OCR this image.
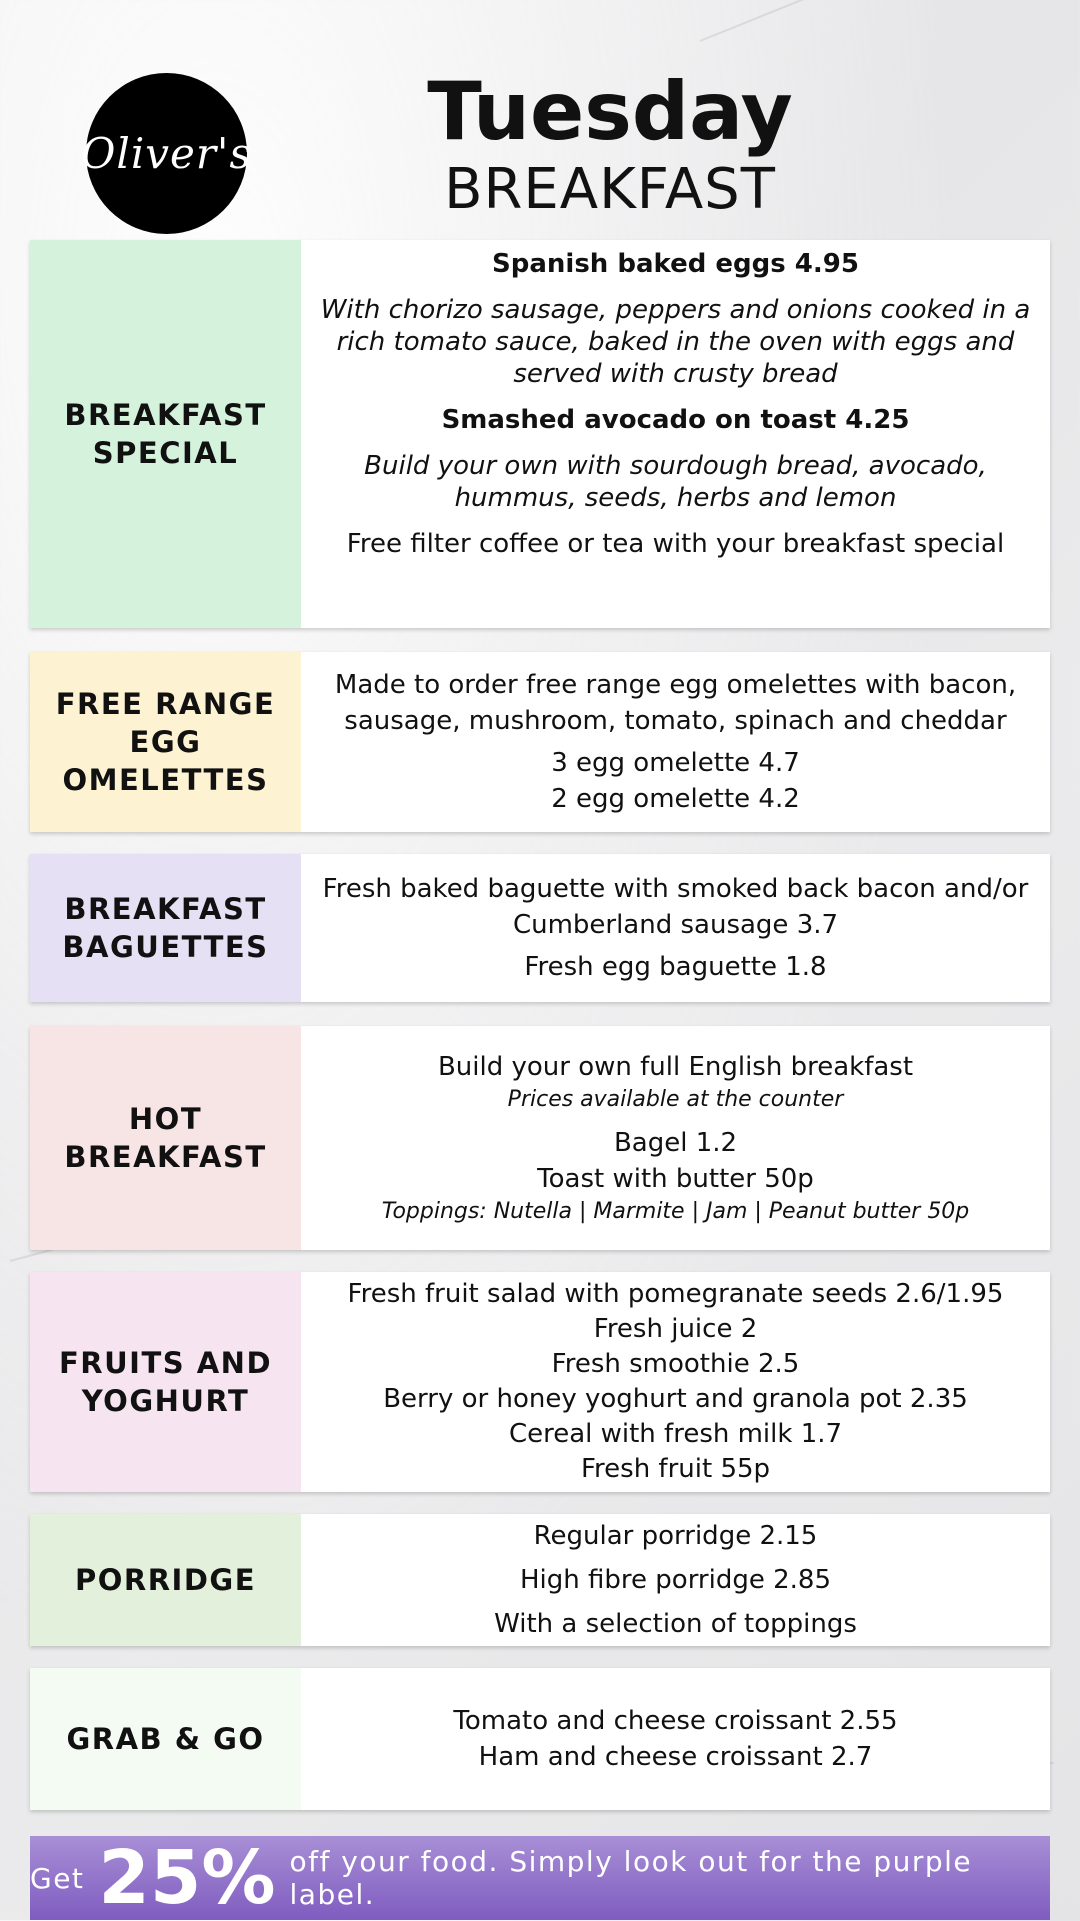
Oliver's	Tuesday
BREAKFAST
BREAKFAST SPECIAL
Spanish baked eggs 4.95
With chorizo sausage, peppers and onions cooked in a rich tomato sauce, baked in the oven with eggs and served with crusty bread
Smashed avocado on toast 4.25
Build your own with sourdough bread, avocado, hummus, seeds, herbs and lemon
Free filter coffee or tea with your breakfast special
FREE RANGE EGG OMELETTES
Made to order free range egg omelettes with bacon, sausage, mushroom, tomato, spinach and cheddar
3 egg omelette 4.7
2 egg omelette 4.2
BREAKFAST BAGUETTES
Fresh baked baguette with smoked back bacon and/or Cumberland sausage 3.7
Fresh egg baguette 1.8
HOT BREAKFAST
Build your own full English breakfast
Prices available at the counter
Bagel 1.2
Toast with butter 50p
Toppings: Nutella | Marmite | Jam | Peanut butter 50p
FRUITS AND YOGHURT
Fresh fruit salad with pomegranate seeds 2.6/1.95
Fresh juice 2
Fresh smoothie 2.5
Berry or honey yoghurt and granola pot 2.35
Cereal with fresh milk 1.7
Fresh fruit 55p
PORRIDGE
Regular porridge 2.15
High fibre porridge 2.85
With a selection of toppings
GRAB & GO
Tomato and cheese croissant 2.55
Ham and cheese croissant 2.7
Get 25% off your food. Simply look out for the purple label.
